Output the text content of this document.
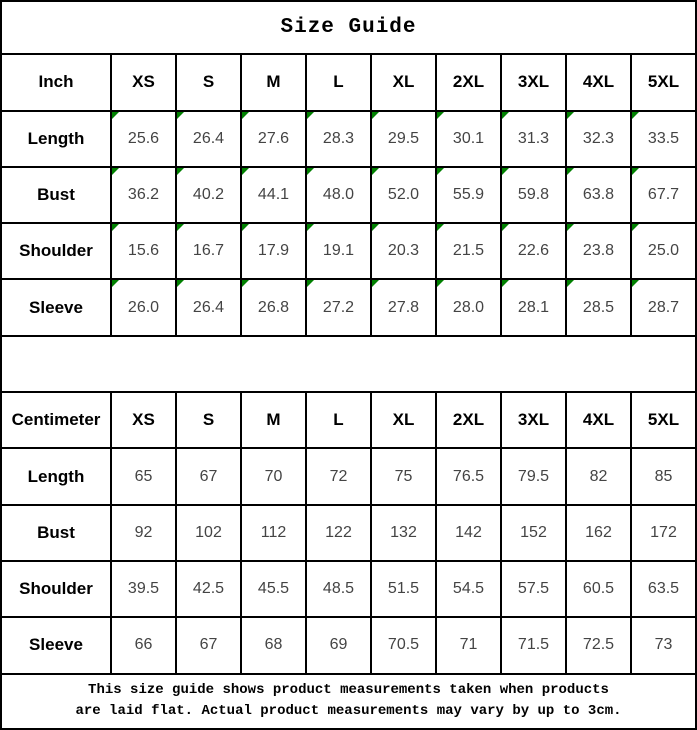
Size Guide									
Inch	XS	S	M	L	XL	2XL	3XL	4XL	5XL
Length	25.6	26.4	27.6	28.3	29.5	30.1	31.3	32.3	33.5
Bust	36.2	40.2	44.1	48.0	52.0	55.9	59.8	63.8	67.7
Shoulder	15.6	16.7	17.9	19.1	20.3	21.5	22.6	23.8	25.0
Sleeve	26.0	26.4	26.8	27.2	27.8	28.0	28.1	28.5	28.7

Centimeter	XS	S	M	L	XL	2XL	3XL	4XL	5XL
Length	65	67	70	72	75	76.5	79.5	82	85
Bust	92	102	112	122	132	142	152	162	172
Shoulder	39.5	42.5	45.5	48.5	51.5	54.5	57.5	60.5	63.5
Sleeve	66	67	68	69	70.5	71	71.5	72.5	73

This size guide shows product measurements taken when products
are laid flat. Actual product measurements may vary by up to 3cm.									
